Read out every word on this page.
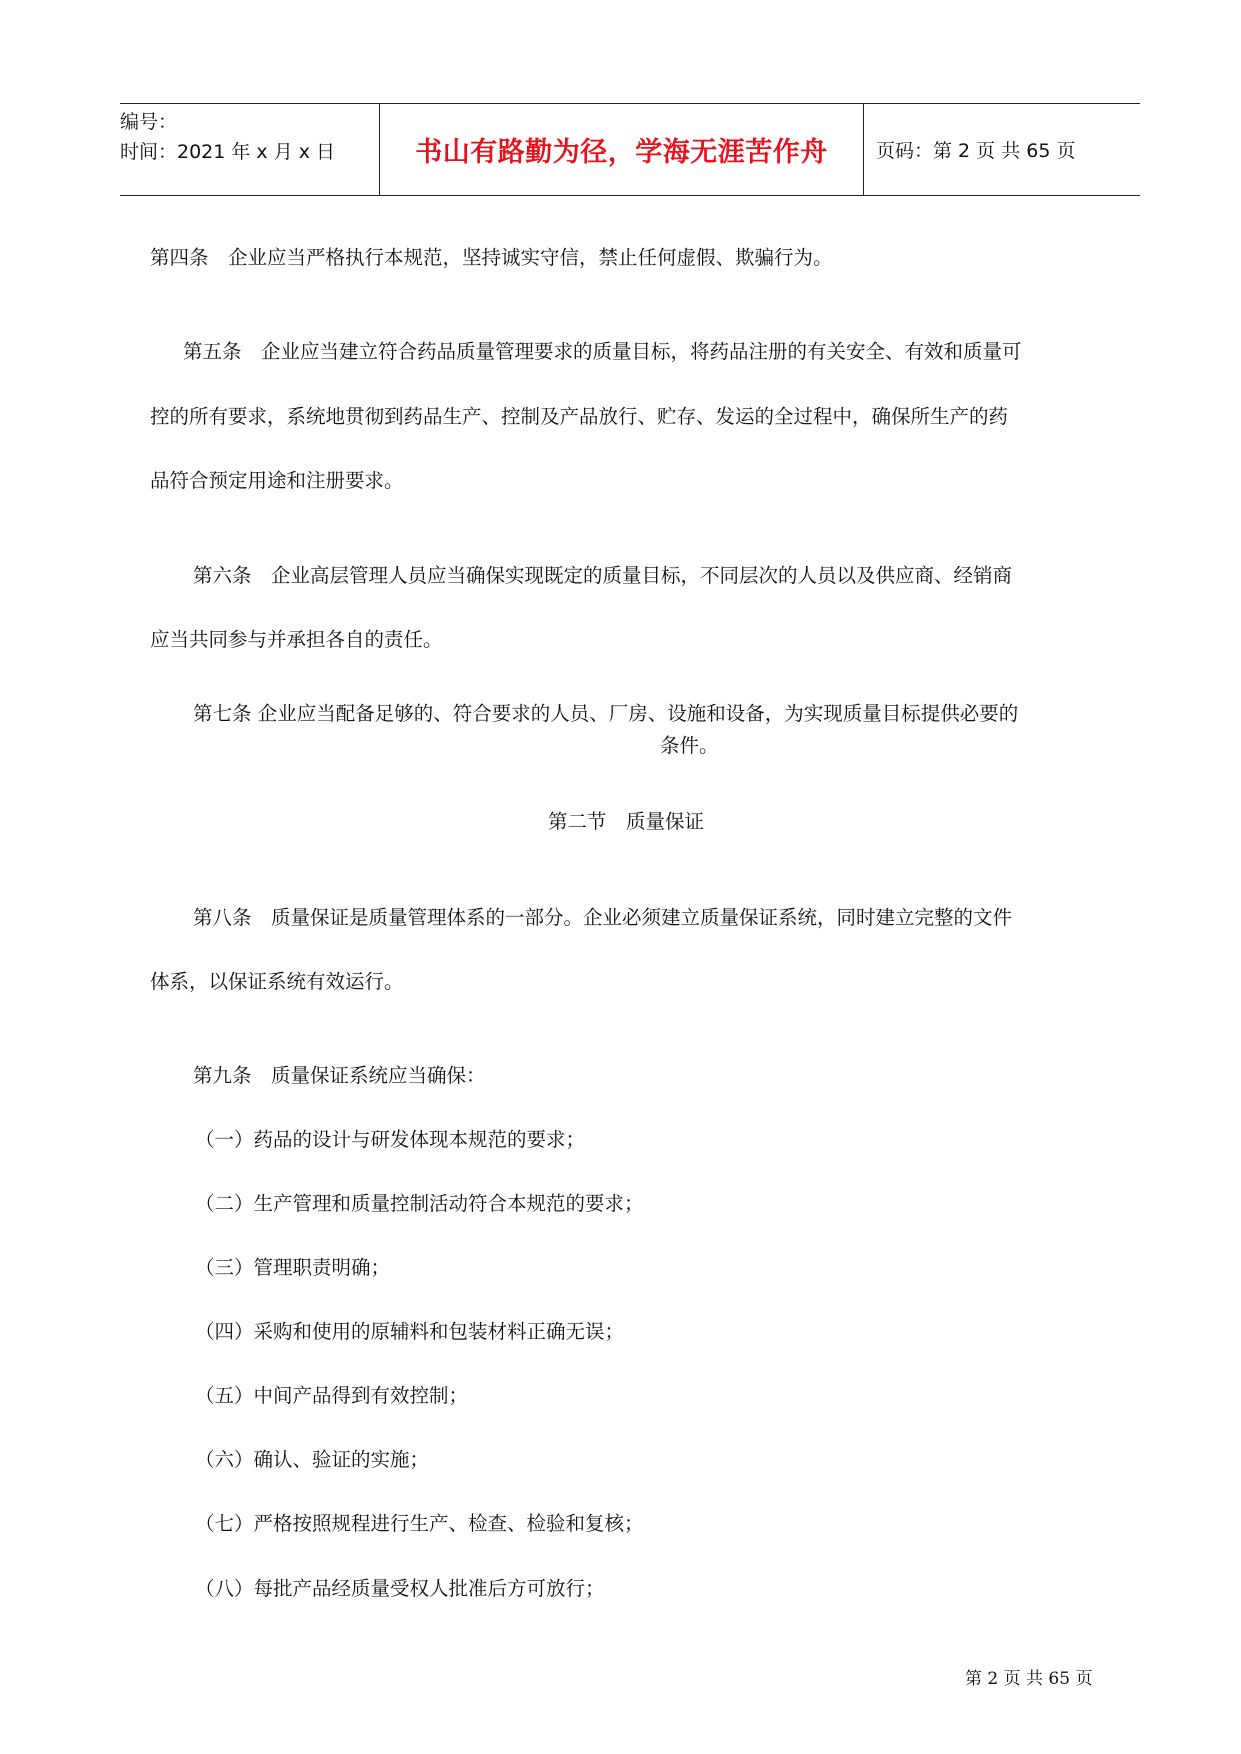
编号：
时间：2021 年 x 月 x 日	书山有路勤为径，学海无涯苦作舟	页码：第 2 页 共 65 页
第四条　企业应当严格执行本规范，坚持诚实守信，禁止任何虚假、欺骗行为。
第五条　企业应当建立符合药品质量管理要求的质量目标，将药品注册的有关安全、有效和质量可
控的所有要求，系统地贯彻到药品生产、控制及产品放行、贮存、发运的全过程中，确保所生产的药
品符合预定用途和注册要求。
第六条　企业高层管理人员应当确保实现既定的质量目标，不同层次的人员以及供应商、经销商
应当共同参与并承担各自的责任。
第七条 企业应当配备足够的、符合要求的人员、厂房、设施和设备，为实现质量目标提供必要的
条件。
第二节　质量保证
第八条　质量保证是质量管理体系的一部分。企业必须建立质量保证系统，同时建立完整的文件
体系，以保证系统有效运行。
第九条　质量保证系统应当确保：
（一）药品的设计与研发体现本规范的要求；
（二）生产管理和质量控制活动符合本规范的要求；
（三）管理职责明确；
（四）采购和使用的原辅料和包装材料正确无误；
（五）中间产品得到有效控制；
（六）确认、验证的实施；
（七）严格按照规程进行生产、检查、检验和复核；
（八）每批产品经质量受权人批准后方可放行；
第 2 页 共 65 页
